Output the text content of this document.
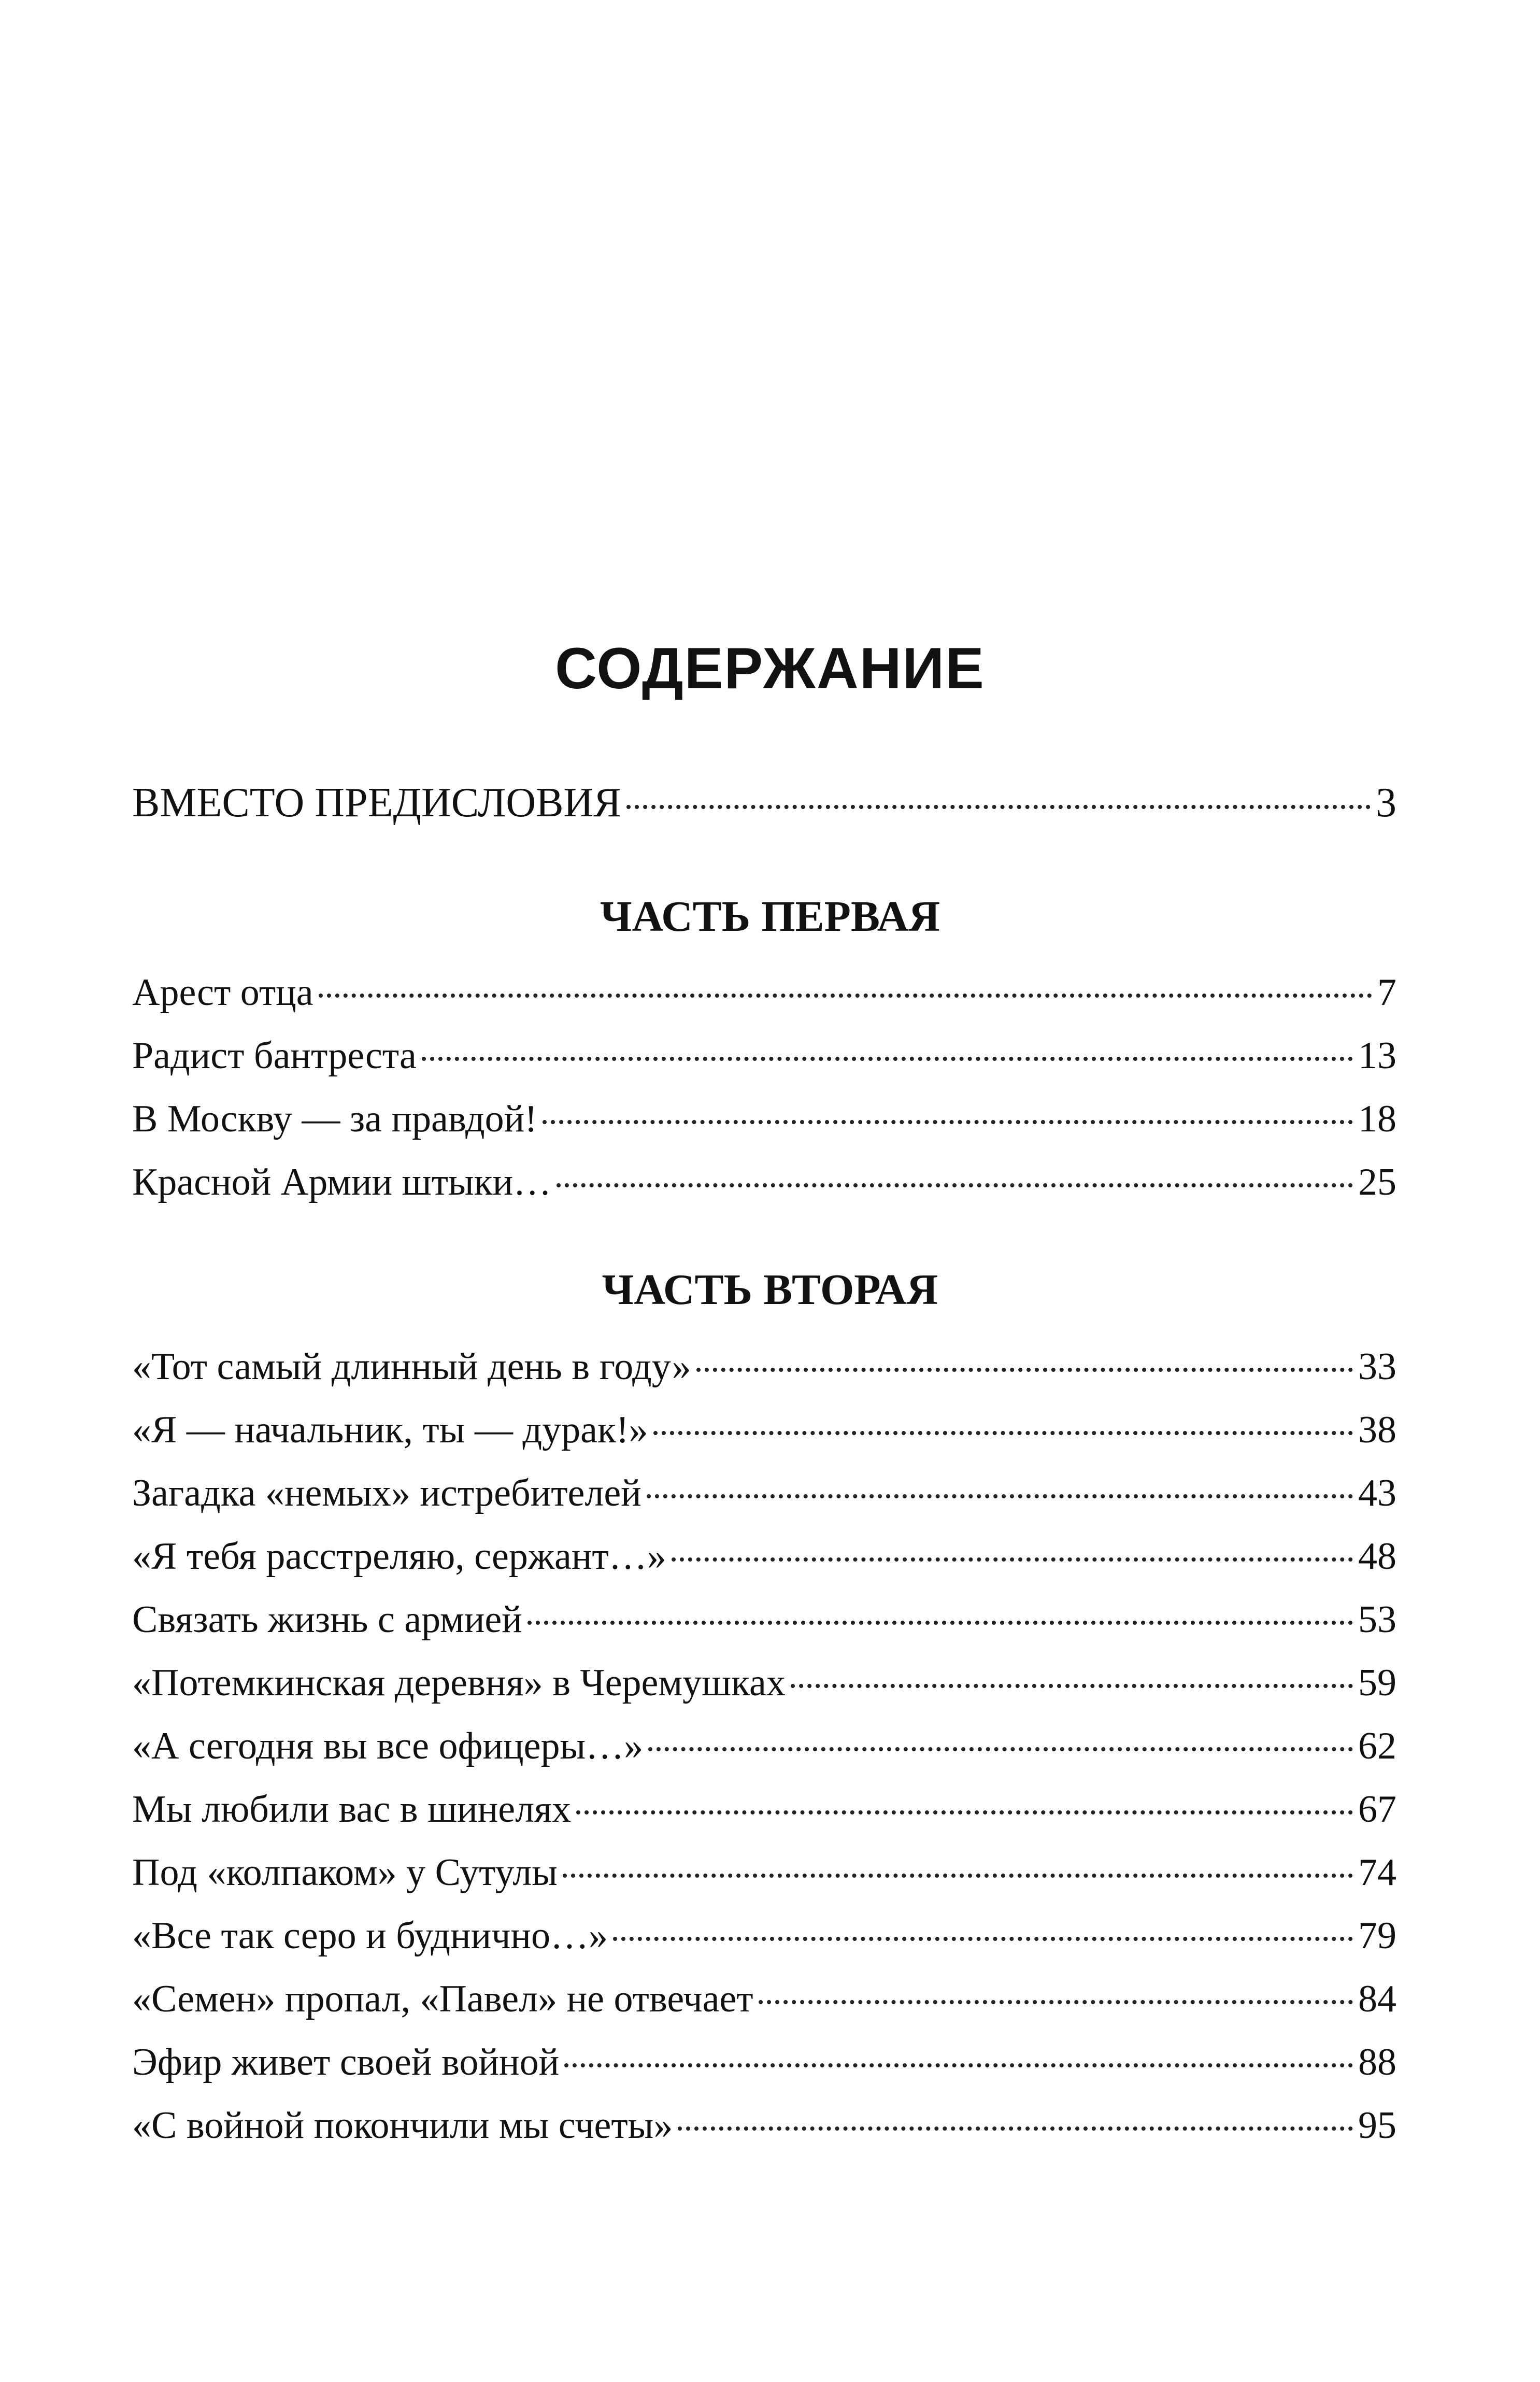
СОДЕРЖАНИЕ
ВМЕСТО ПРЕДИСЛОВИЯ	3
ЧАСТЬ ПЕРВАЯ
Арест отца	7
Радист бантреста	13
В Москву — за правдой!	18
Красной Армии штыки…	25
ЧАСТЬ ВТОРАЯ
«Тот самый длинный день в году»	33
«Я — начальник, ты — дурак!»	38
Загадка «немых» истребителей	43
«Я тебя расстреляю, сержант…»	48
Связать жизнь с армией	53
«Потемкинская деревня» в Черемушках	59
«А сегодня вы все офицеры…»	62
Мы любили вас в шинелях	67
Под «колпаком» у Сутулы	74
«Все так серо и буднично…»	79
«Семен» пропал, «Павел» не отвечает	84
Эфир живет своей войной	88
«С войной покончили мы счеты»	95
